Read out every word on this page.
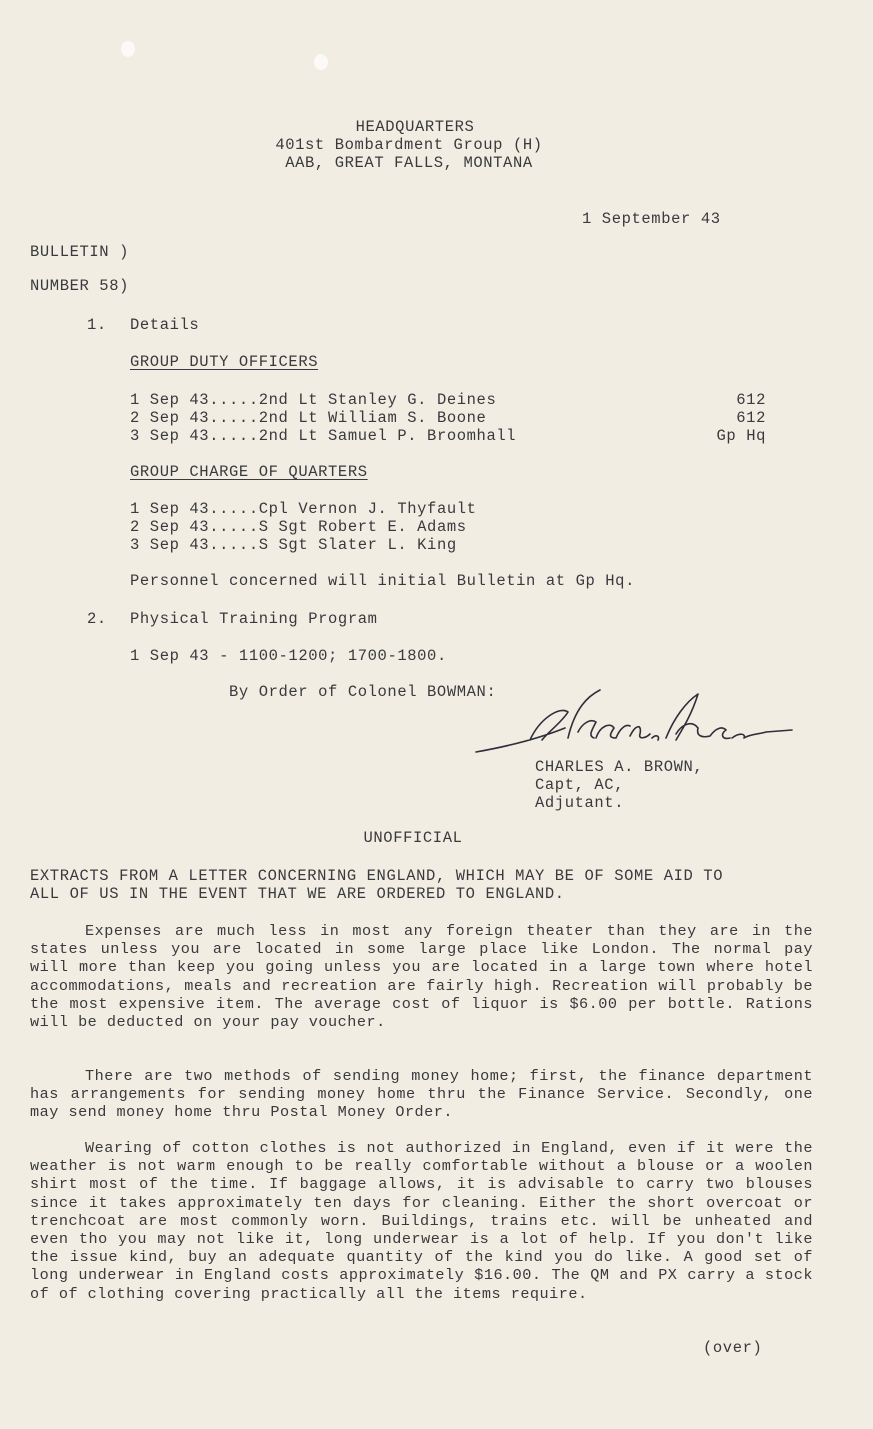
HEADQUARTERS
401st Bombardment Group (H)
AAB, GREAT FALLS, MONTANA
1 September 43
BULLETIN )
NUMBER 58)
1. Details
GROUP DUTY OFFICERS
1 Sep 43.....2nd Lt Stanley G. Deines	612
2 Sep 43.....2nd Lt William S. Boone	612
3 Sep 43.....2nd Lt Samuel P. Broomhall	Gp Hq
GROUP CHARGE OF QUARTERS
1 Sep 43.....Cpl Vernon J. Thyfault
2 Sep 43.....S Sgt Robert E. Adams
3 Sep 43.....S Sgt Slater L. King
Personnel concerned will initial Bulletin at Gp Hq.
2. Physical Training Program
1 Sep 43 - 1100-1200; 1700-1800.
By Order of Colonel BOWMAN:
CHARLES A. BROWN,
Capt, AC,
Adjutant.
UNOFFICIAL
EXTRACTS FROM A LETTER CONCERNING ENGLAND, WHICH MAY BE OF SOME AID TO
ALL OF US IN THE EVENT THAT WE ARE ORDERED TO ENGLAND.
Expenses are much less in most any foreign theater than they are in the states unless you are located in some large place like London. The normal pay will more than keep you going unless you are located in a large town where hotel accommodations, meals and recreation are fairly high. Recreation will probably be the most expensive item. The average cost of liquor is $6.00 per bottle. Rations will be deducted on your pay voucher.
There are two methods of sending money home; first, the finance department has arrangements for sending money home thru the Finance Service. Secondly, one may send money home thru Postal Money Order.
Wearing of cotton clothes is not authorized in England, even if it were the weather is not warm enough to be really comfortable without a blouse or a woolen shirt most of the time. If baggage allows, it is advisable to carry two blouses since it takes approximately ten days for cleaning. Either the short overcoat or trenchcoat are most commonly worn. Buildings, trains etc. will be unheated and even tho you may not like it, long underwear is a lot of help. If you don't like the issue kind, buy an adequate quantity of the kind you do like. A good set of long underwear in England costs approximately $16.00. The QM and PX carry a stock of of clothing covering practically all the items require.
(over)
